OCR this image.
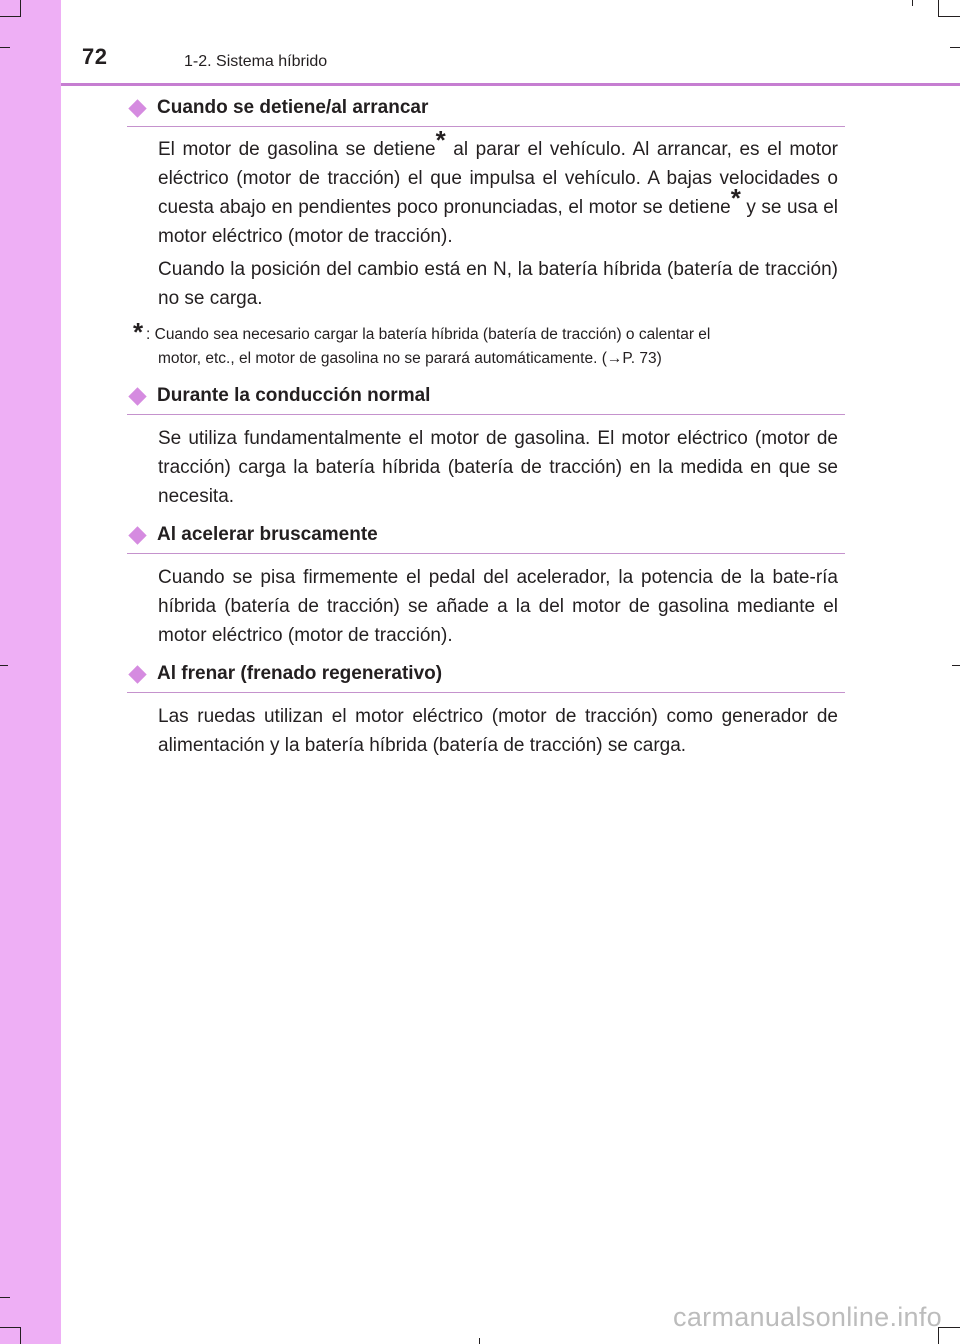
72	1-2. Sistema híbrido
Cuando se detiene/al arrancar

El motor de gasolina se detiene* al parar el vehículo. Al arrancar, es el motor eléctrico (motor de tracción) el que impulsa el vehículo. A bajas velocidades o cuesta abajo en pendientes poco pronunciadas, el motor se detiene* y se usa el motor eléctrico (motor de tracción).

Cuando la posición del cambio está en N, la batería híbrida (batería de tracción) no se carga.

* : Cuando sea necesario cargar la batería híbrida (batería de tracción) o calentar el
motor, etc., el motor de gasolina no se parará automáticamente. (→P. 73)

Durante la conducción normal

Se utiliza fundamentalmente el motor de gasolina. El motor eléctrico (motor de tracción) carga la batería híbrida (batería de tracción) en la medida en que se necesita.

Al acelerar bruscamente

Cuando se pisa firmemente el pedal del acelerador, la potencia de la bate-ría híbrida (batería de tracción) se añade a la del motor de gasolina mediante el motor eléctrico (motor de tracción).

Al frenar (frenado regenerativo)

Las ruedas utilizan el motor eléctrico (motor de tracción) como generador de alimentación y la batería híbrida (batería de tracción) se carga.

carmanualsonline.info
